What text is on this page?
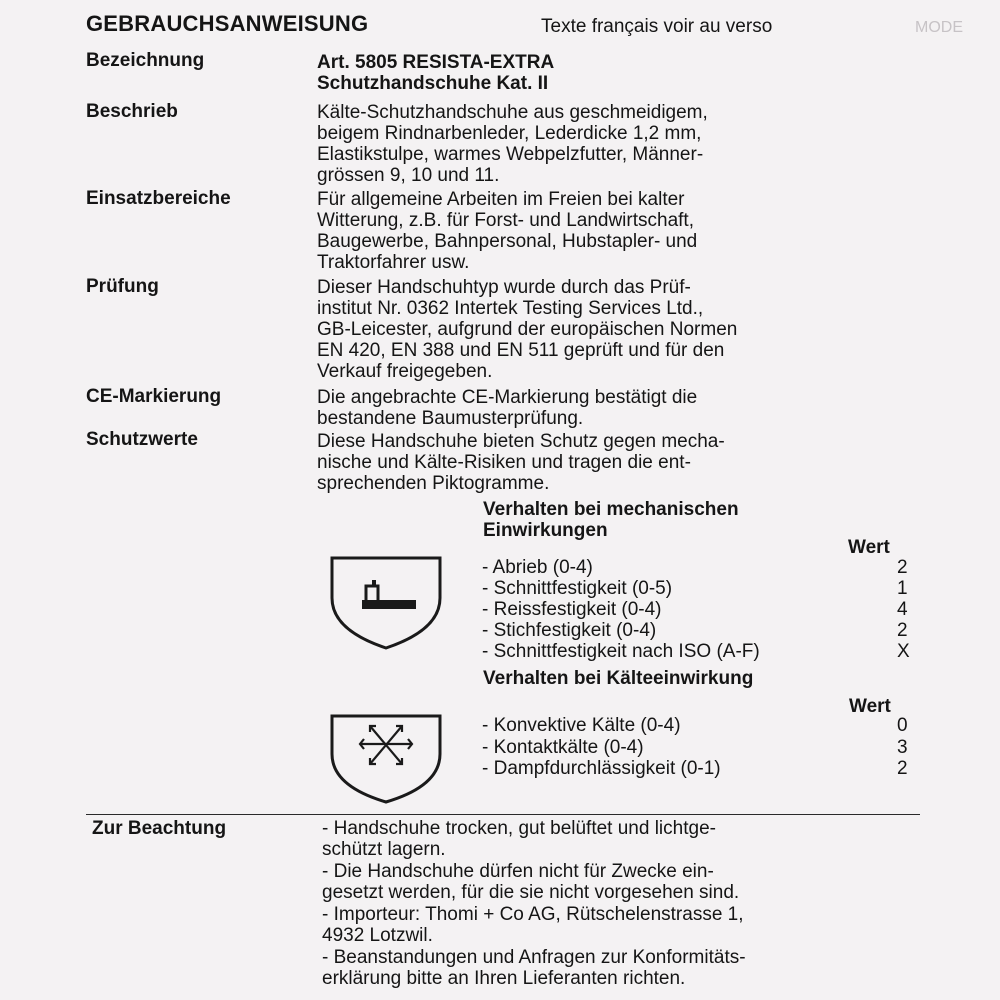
MODE
GEBRAUCHSANWEISUNG	Texte français voir au verso
Bezeichnung	Art. 5805 RESISTA-EXTRA
Schutzhandschuhe Kat. II
Beschrieb	Kälte-Schutzhandschuhe aus geschmeidigem,
beigem Rindnarbenleder, Lederdicke 1,2 mm,
Elastikstulpe, warmes Webpelzfutter, Männer-
grössen 9, 10 und 11.
Einsatzbereiche	Für allgemeine Arbeiten im Freien bei kalter
Witterung, z.B. für Forst- und Landwirtschaft,
Baugewerbe, Bahnpersonal, Hubstapler- und
Traktorfahrer usw.
Prüfung	Dieser Handschuhtyp wurde durch das Prüf-
institut Nr. 0362 Intertek Testing Services Ltd.,
GB-Leicester, aufgrund der europäischen Normen
EN 420, EN 388 und EN 511 geprüft und für den
Verkauf freigegeben.
CE-Markierung	Die angebrachte CE-Markierung bestätigt die
bestandene Baumusterprüfung.
Schutzwerte	Diese Handschuhe bieten Schutz gegen mecha-
nische und Kälte-Risiken und tragen die ent-
sprechenden Piktogramme.
Verhalten bei mechanischen
Einwirkungen
Wert
- Abrieb (0-4)	2
- Schnittfestigkeit (0-5)	1
- Reissfestigkeit (0-4)	4
- Stichfestigkeit (0-4)	2
- Schnittfestigkeit nach ISO (A-F)	X
Verhalten bei Kälteeinwirkung
Wert
- Konvektive Kälte (0-4)	0
- Kontaktkälte (0-4)	3
- Dampfdurchlässigkeit (0-1)	2
Zur Beachtung	- Handschuhe trocken, gut belüftet und lichtge-
schützt lagern.
- Die Handschuhe dürfen nicht für Zwecke ein-
gesetzt werden, für die sie nicht vorgesehen sind.
- Importeur: Thomi + Co AG, Rütschelenstrasse 1,
4932 Lotzwil.
- Beanstandungen und Anfragen zur Konformitäts-
erklärung bitte an Ihren Lieferanten richten.
